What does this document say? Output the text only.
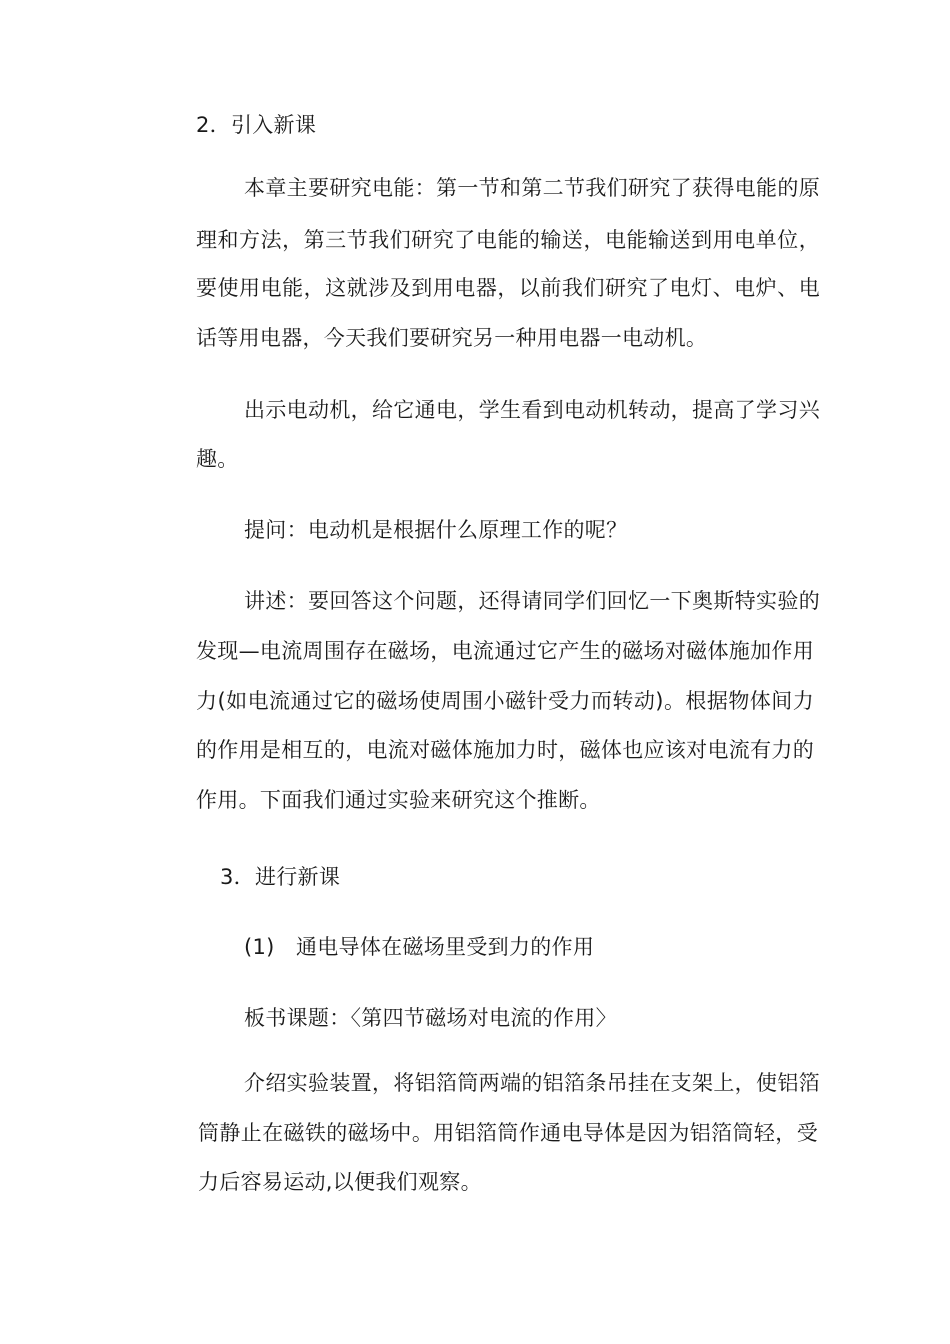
2．引入新课
本章主要研究电能：第一节和第二节我们研究了获得电能的原
理和方法，第三节我们研究了电能的输送，电能输送到用电单位，
要使用电能，这就涉及到用电器，以前我们研究了电灯、电炉、电
话等用电器，今天我们要研究另一种用电器一电动机。
出示电动机，给它通电，学生看到电动机转动，提高了学习兴
趣。
提问：电动机是根据什么原理工作的呢？
讲述：要回答这个问题，还得请同学们回忆一下奥斯特实验的
发现—电流周围存在磁场，电流通过它产生的磁场对磁体施加作用
力(如电流通过它的磁场使周围小磁针受力而转动)。根据物体间力
的作用是相互的，电流对磁体施加力时，磁体也应该对电流有力的
作用。下面我们通过实验来研究这个推断。
3．进行新课
(1)　通电导体在磁场里受到力的作用
板书课题：〈第四节磁场对电流的作用〉
介绍实验装置，将铝箔筒两端的铝箔条吊挂在支架上，使铝箔
筒静止在磁铁的磁场中。用铝箔筒作通电导体是因为铝箔筒轻，受
力后容易运动,以便我们观察。
